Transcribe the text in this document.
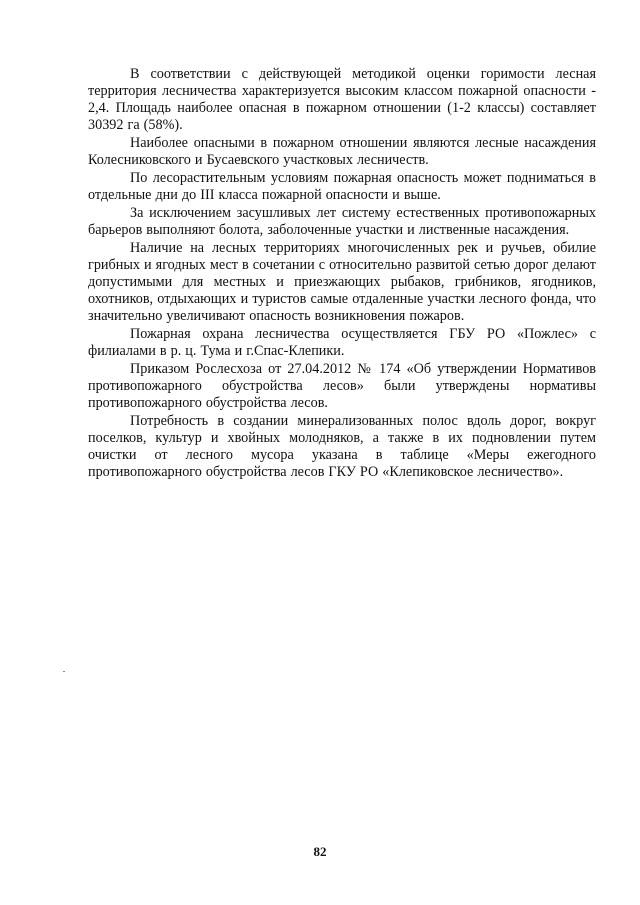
В соответствии с действующей методикой оценки горимости лесная территория лесничества характеризуется высоким классом пожарной опасности - 2,4. Площадь наиболее опасная в пожарном отношении (1-2 классы) составляет 30392 га (58%).

Наиболее опасными в пожарном отношении являются лесные насаждения Колесниковского и Бусаевского участковых лесничеств.

По лесорастительным условиям пожарная опасность может подниматься в отдельные дни до III класса пожарной опасности и выше.

За исключением засушливых лет систему естественных противопожарных барьеров выполняют болота, заболоченные участки и лиственные насаждения.

Наличие на лесных территориях многочисленных рек и ручьев, обилие грибных и ягодных мест в сочетании с относительно развитой сетью дорог делают допустимыми для местных и приезжающих рыбаков, грибников, ягодников, охотников, отдыхающих и туристов самые отдаленные участки лесного фонда, что значительно увеличивают опасность возникновения пожаров.

Пожарная охрана лесничества осуществляется ГБУ РО «Пожлес» с филиалами в р. ц. Тума и г.Спас-Клепики.

Приказом Рослесхоза от 27.04.2012 № 174 «Об утверждении Нормативов противопожарного обустройства лесов» были утверждены нормативы противопожарного обустройства лесов.

Потребность в создании минерализованных полос вдоль дорог, вокруг поселков, культур и хвойных молодняков, а также в их подновлении путем очистки от лесного мусора указана в таблице «Меры ежегодного противопожарного обустройства лесов ГКУ РО «Клепиковское лесничество».

82
